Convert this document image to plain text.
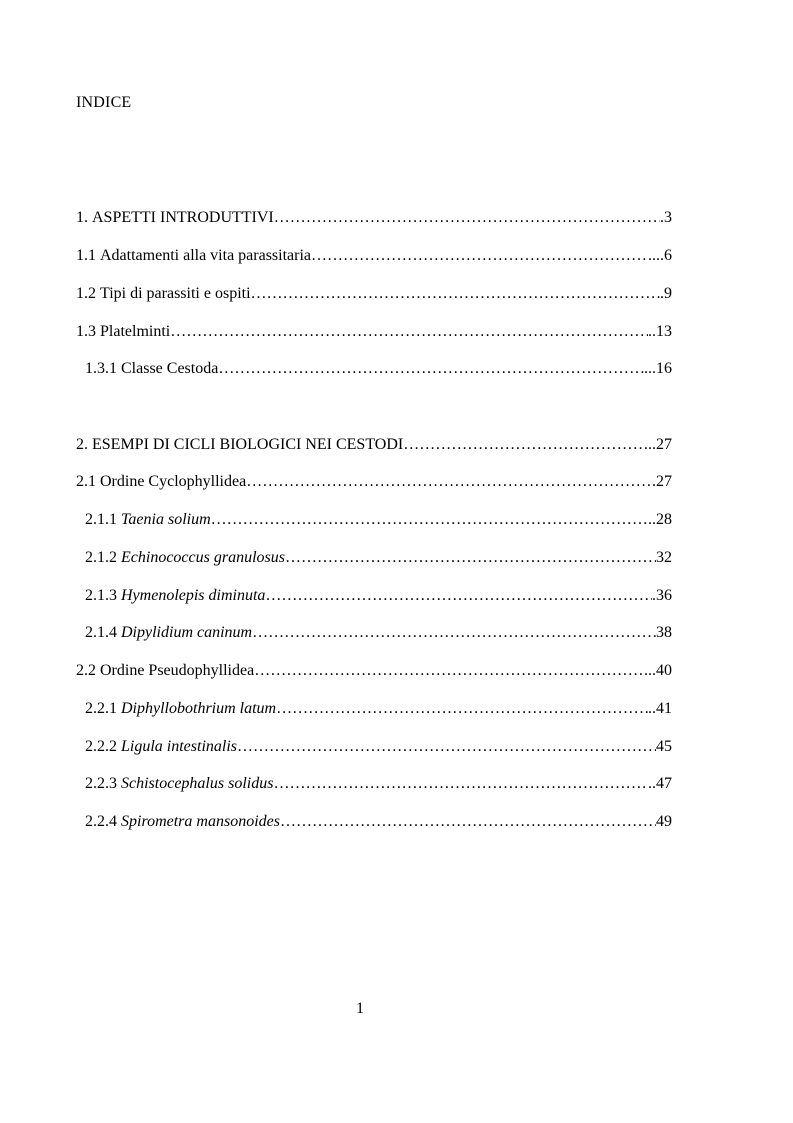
INDICE
1. ASPETTI INTRODUTTIVI ………………………………………………………………………………………………………………………………………………………………………	.3
1.1 Adattamenti alla vita parassitaria ………………………………………………………………………………………………………………………………………………………………………	....6
1.2 Tipi di parassiti e ospiti ………………………………………………………………………………………………………………………………………………………………………	.9
1.3 Platelminti ………………………………………………………………………………………………………………………………………………………………………	..13
1.3.1 Classe Cestoda ………………………………………………………………………………………………………………………………………………………………………	...16
2. ESEMPI DI CICLI BIOLOGICI NEI CESTODI ………………………………………………………………………………………………………………………………………………………………………	..27
2.1 Ordine Cyclophyllidea ………………………………………………………………………………………………………………………………………………………………………	.27
2.1.1 Taenia solium ………………………………………………………………………………………………………………………………………………………………………	..28
2.1.2 Echinococcus granulosus ………………………………………………………………………………………………………………………………………………………………………	32
2.1.3 Hymenolepis diminuta ………………………………………………………………………………………………………………………………………………………………………	.36
2.1.4 Dipylidium caninum ………………………………………………………………………………………………………………………………………………………………………	38
2.2 Ordine Pseudophyllidea ………………………………………………………………………………………………………………………………………………………………………	...40
2.2.1 Diphyllobothrium latum ………………………………………………………………………………………………………………………………………………………………………	..41
2.2.2 Ligula intestinalis ………………………………………………………………………………………………………………………………………………………………………	45
2.2.3 Schistocephalus solidus ………………………………………………………………………………………………………………………………………………………………………	..47
2.2.4 Spirometra mansonoides ………………………………………………………………………………………………………………………………………………………………………	49
1
